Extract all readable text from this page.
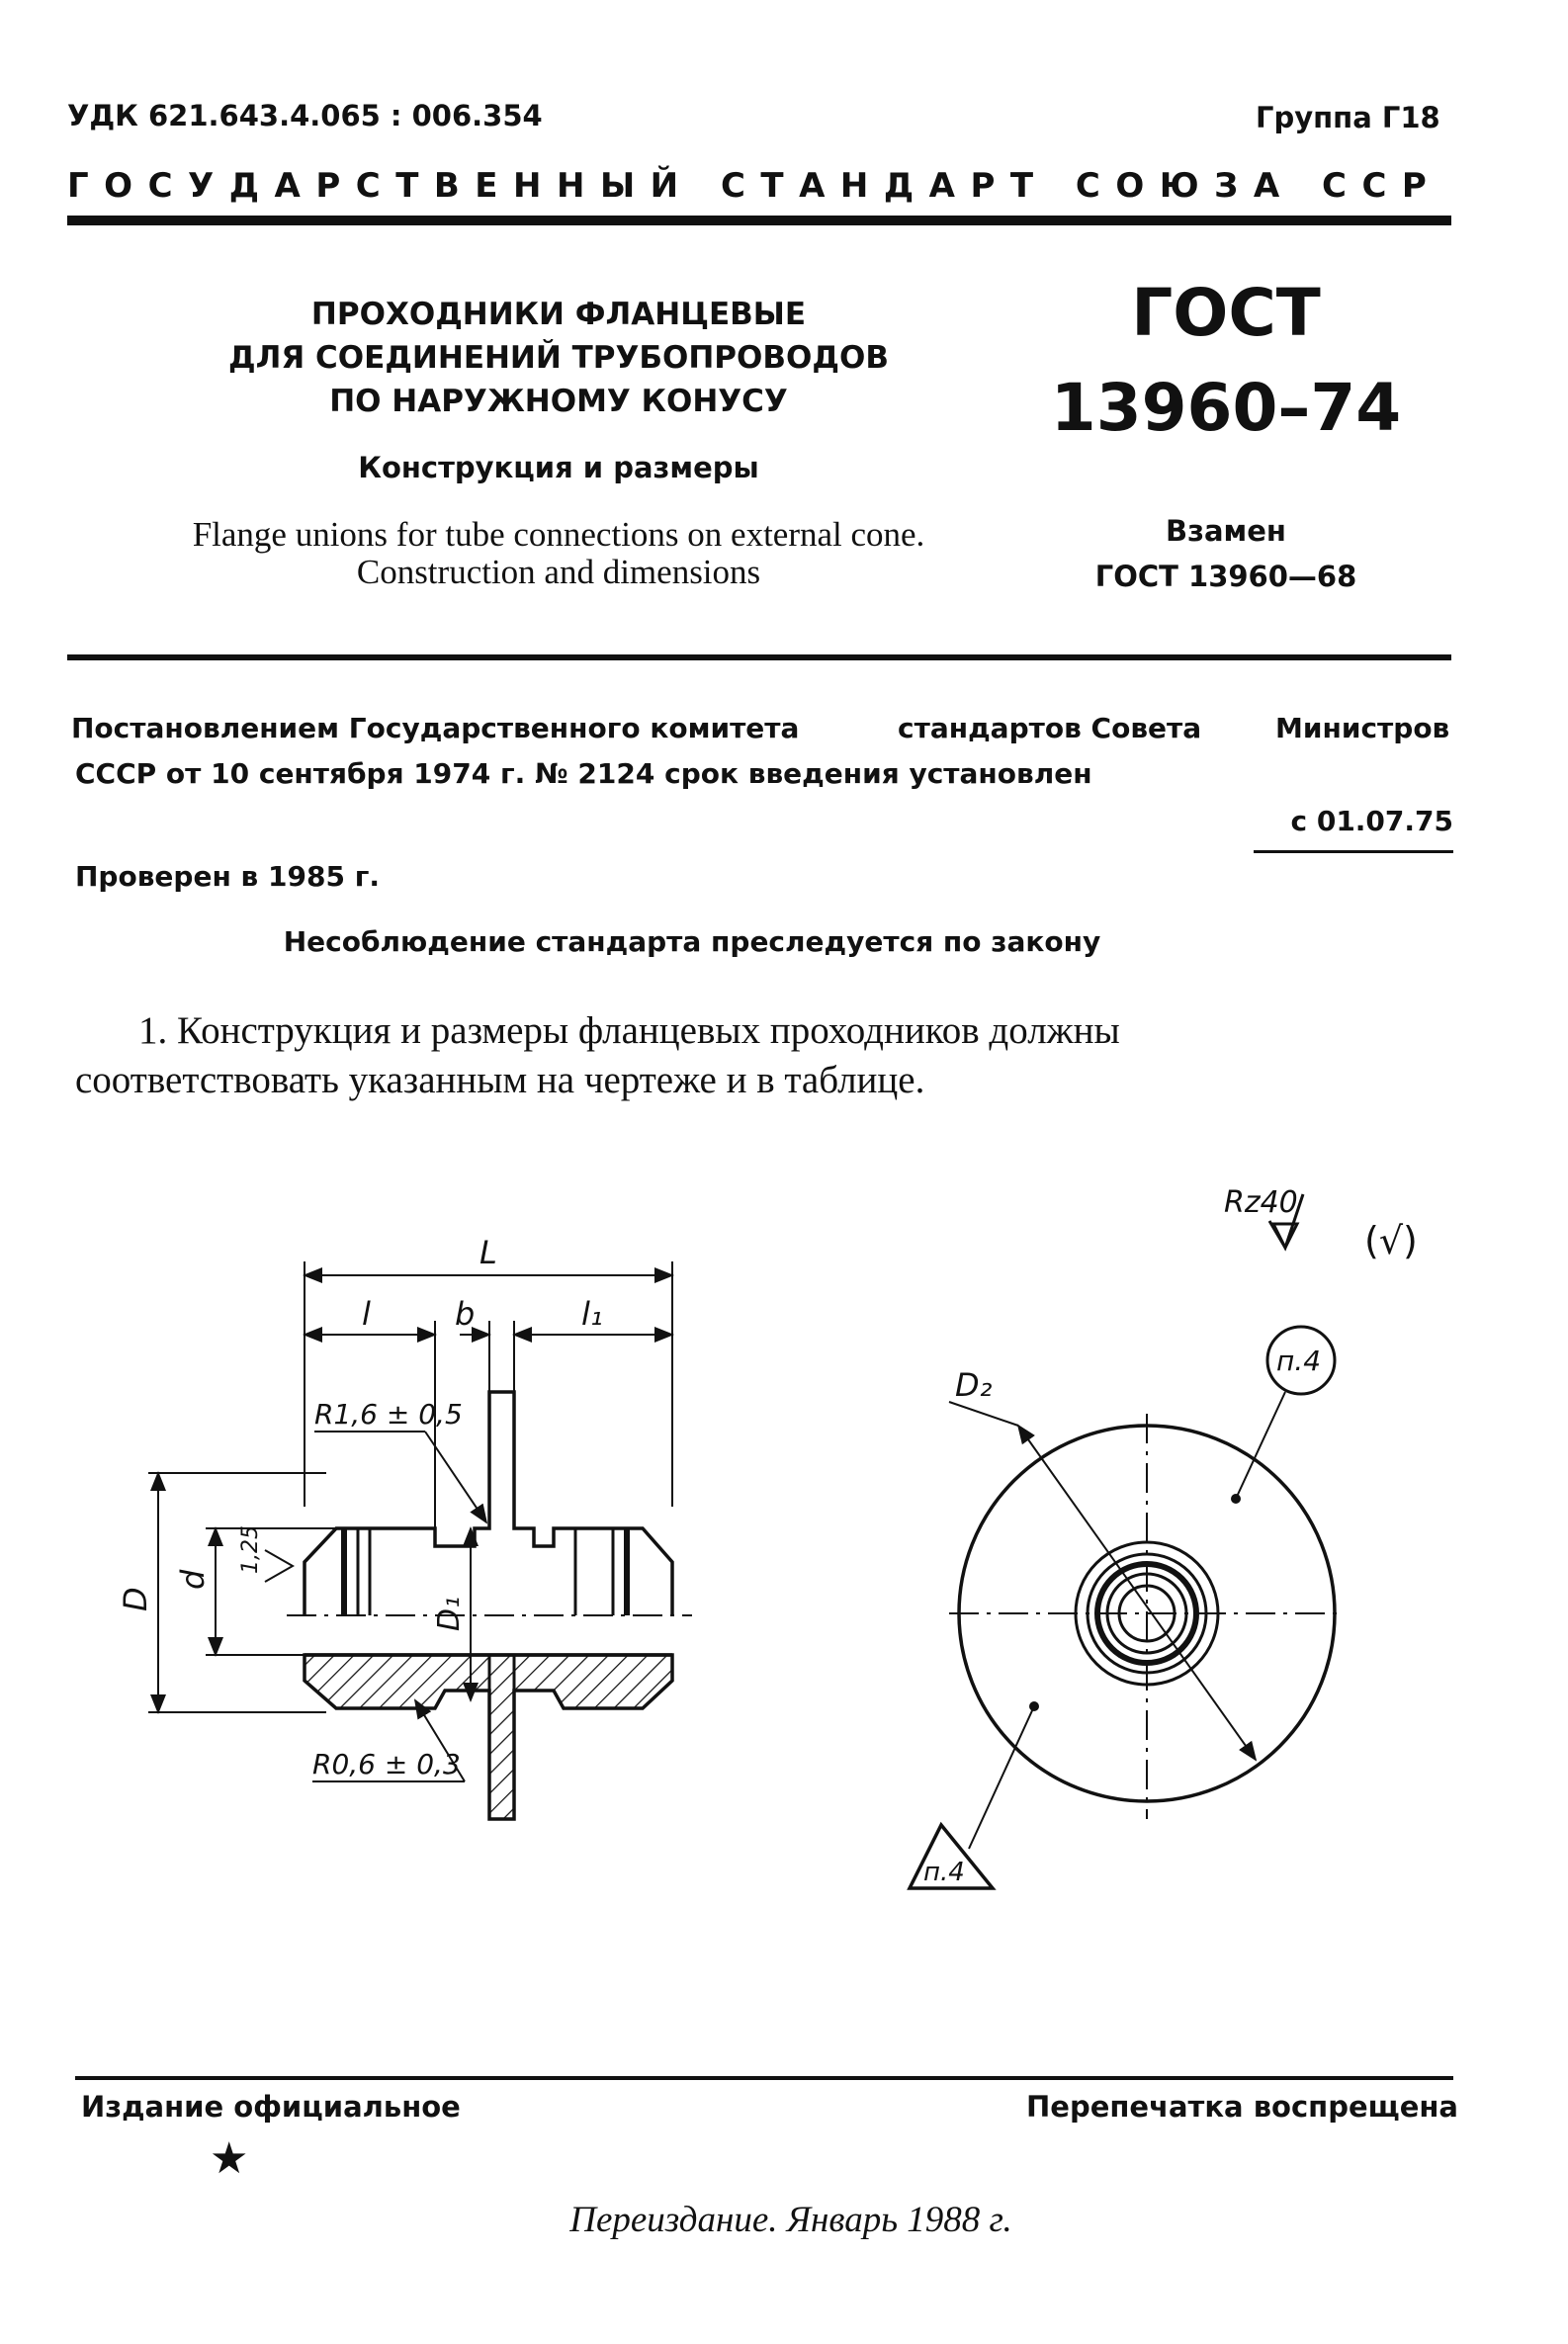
УДК 621.643.4.065 : 006.354	Группа Г18
ГОСУДАРСТВЕННЫЙ СТАНДАРТ СОЮЗА ССР
ПРОХОДНИКИ ФЛАНЦЕВЫЕ
ДЛЯ СОЕДИНЕНИЙ ТРУБОПРОВОДОВ
ПО НАРУЖНОМУ КОНУСУ
Конструкция и размеры
Flange unions for tube connections on external cone.
Construction and dimensions
ГОСТ
13960–74
Взамен
ГОСТ 13960—68
Постановлением Государственного комитета	стандартов Совета	Министров
СССР от 10 сентября 1974 г. № 2124 срок введения установлен
с 01.07.75
Проверен в 1985 г.
Несоблюдение стандарта преследуется по закону
1. Конструкция и размеры фланцевых проходников должны
соответствовать указанным на чертеже и в таблице.
Rz40
(√)
L
l	b	l₁
R1,6 ± 0,5
D
d
1,25
D₁
R0,6 ± 0,3
D₂
п.4
п.4
Издание официальное	Перепечатка воспрещена
★
Переиздание. Январь 1988 г.
